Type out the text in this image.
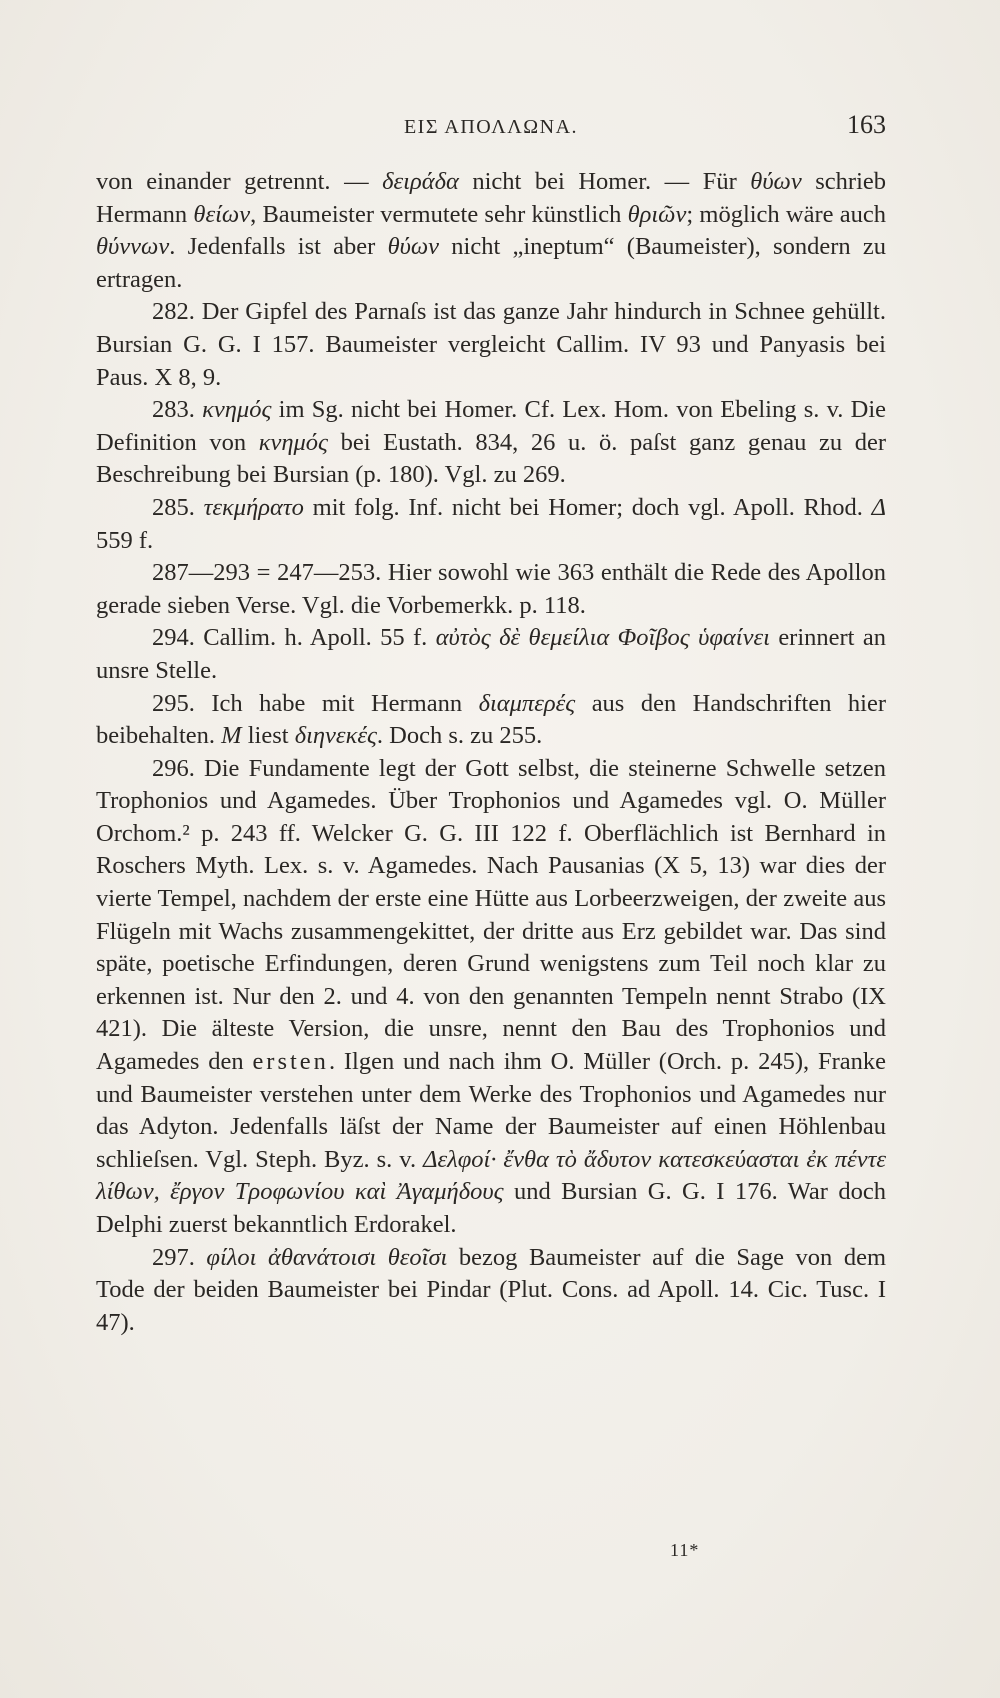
ΕΙΣ ΑΠΟΛΛΩΝΑ.	163

von einander getrennt. — δειράδα nicht bei Homer. — Für θύων schrieb Hermann θείων, Baumeister vermutete sehr künstlich θριῶν; möglich wäre auch θύννων. Jedenfalls ist aber θύων nicht „ineptum“ (Baumeister), sondern zu ertragen.

282. Der Gipfel des Parnaſs ist das ganze Jahr hindurch in Schnee gehüllt. Bursian G. G. I 157. Baumeister vergleicht Callim. IV 93 und Panyasis bei Paus. X 8, 9.

283. κνημός im Sg. nicht bei Homer. Cf. Lex. Hom. von Ebeling s. v. Die Definition von κνημός bei Eustath. 834, 26 u. ö. paſst ganz genau zu der Beschreibung bei Bursian (p. 180). Vgl. zu 269.

285. τεκμήρατο mit folg. Inf. nicht bei Homer; doch vgl. Apoll. Rhod. Δ 559 f.

287—293 = 247—253. Hier sowohl wie 363 enthält die Rede des Apollon gerade sieben Verse. Vgl. die Vorbemerkk. p. 118.

294. Callim. h. Apoll. 55 f. αὐτὸς δὲ θεμείλια Φοῖβος ὑφαίνει erinnert an unsre Stelle.

295. Ich habe mit Hermann διαμπερές aus den Handschriften hier beibehalten. M liest διηνεκές. Doch s. zu 255.

296. Die Fundamente legt der Gott selbst, die steinerne Schwelle setzen Trophonios und Agamedes. Über Trophonios und Agamedes vgl. O. Müller Orchom.² p. 243 ff. Welcker G. G. III 122 f. Oberflächlich ist Bernhard in Roschers Myth. Lex. s. v. Agamedes. Nach Pausanias (X 5, 13) war dies der vierte Tempel, nachdem der erste eine Hütte aus Lorbeerzweigen, der zweite aus Flügeln mit Wachs zusammengekittet, der dritte aus Erz gebildet war. Das sind späte, poetische Erfindungen, deren Grund wenigstens zum Teil noch klar zu erkennen ist. Nur den 2. und 4. von den genannten Tempeln nennt Strabo (IX 421). Die älteste Version, die unsre, nennt den Bau des Trophonios und Agamedes den ersten. Ilgen und nach ihm O. Müller (Orch. p. 245), Franke und Baumeister verstehen unter dem Werke des Trophonios und Agamedes nur das Adyton. Jedenfalls läſst der Name der Baumeister auf einen Höhlenbau schlieſsen. Vgl. Steph. Byz. s. v. Δελφοί· ἔνθα τὸ ἄδυτον κατεσκεύασται ἐκ πέντε λίθων, ἔργον Τροφωνίου καὶ Ἀγαμήδους und Bursian G. G. I 176. War doch Delphi zuerst bekanntlich Erdorakel.

297. φίλοι ἀθανάτοισι θεοῖσι bezog Baumeister auf die Sage von dem Tode der beiden Baumeister bei Pindar (Plut. Cons. ad Apoll. 14. Cic. Tusc. I 47).

11*
